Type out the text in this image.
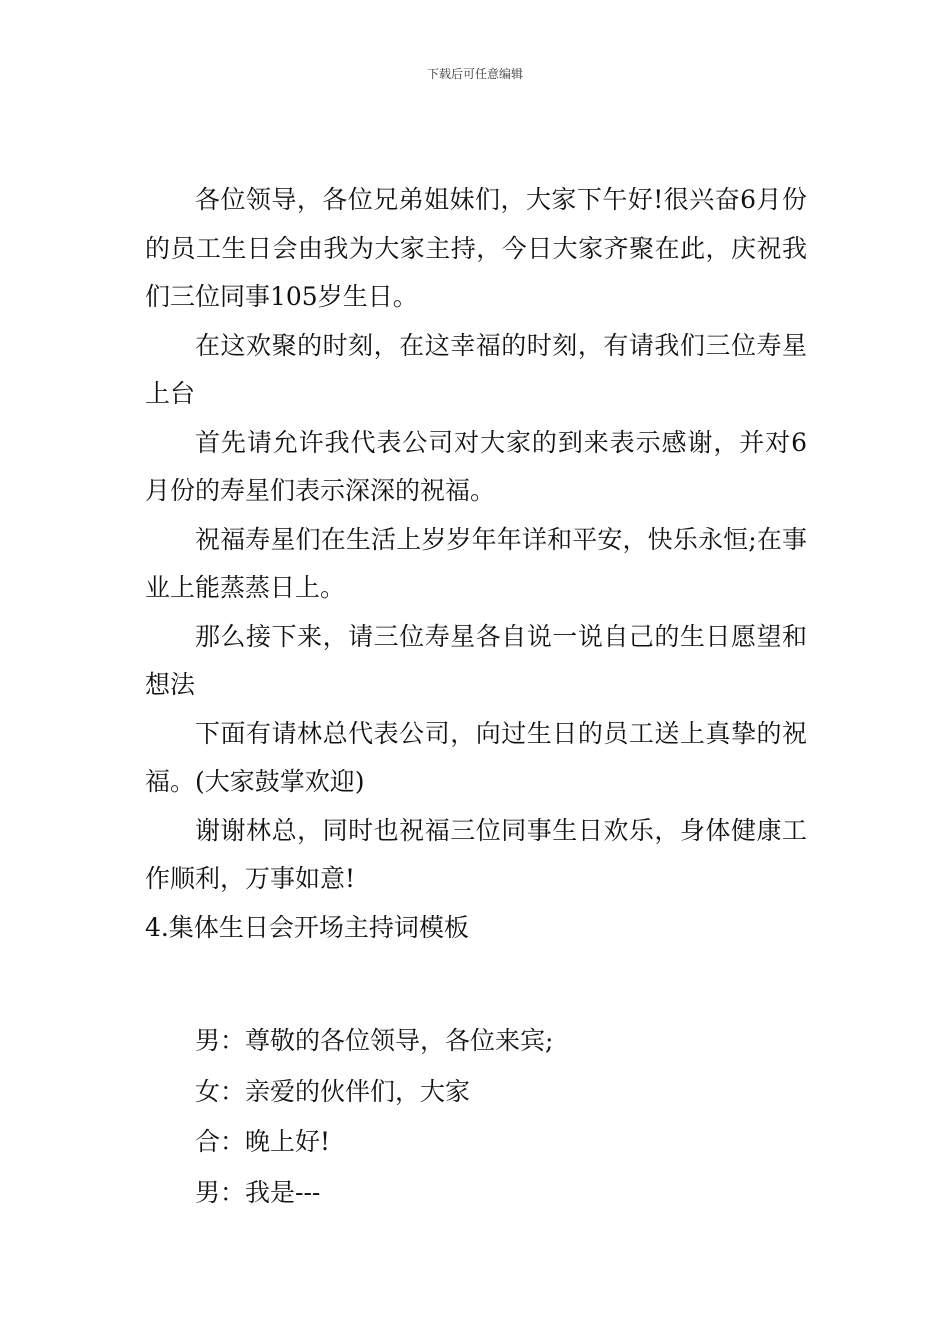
下载后可任意编辑

各位领导，各位兄弟姐妹们，大家下午好!很兴奋6月份的员工生日会由我为大家主持，今日大家齐聚在此，庆祝我们三位同事105岁生日。

在这欢聚的时刻，在这幸福的时刻，有请我们三位寿星上台

首先请允许我代表公司对大家的到来表示感谢，并对6月份的寿星们表示深深的祝福。

祝福寿星们在生活上岁岁年年详和平安，快乐永恒;在事业上能蒸蒸日上。

那么接下来，请三位寿星各自说一说自己的生日愿望和想法

下面有请林总代表公司，向过生日的员工送上真挚的祝福。(大家鼓掌欢迎)

谢谢林总，同时也祝福三位同事生日欢乐，身体健康工作顺利，万事如意!

4.集体生日会开场主持词模板

男：尊敬的各位领导，各位来宾;

女：亲爱的伙伴们，大家

合：晚上好!

男：我是---
